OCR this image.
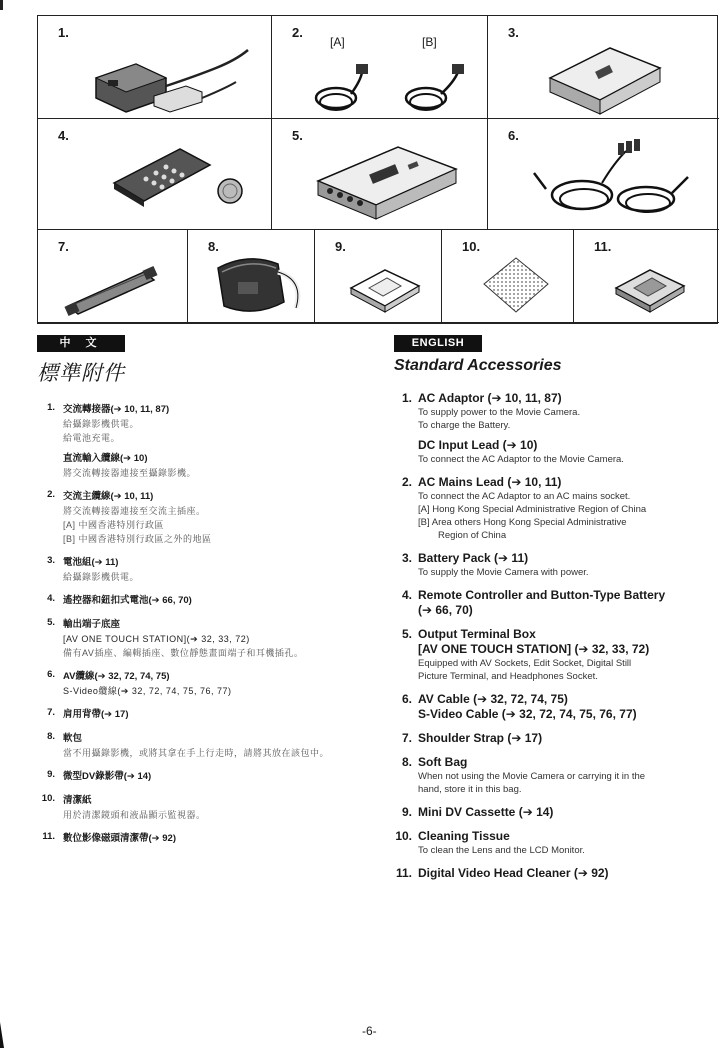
1.	2.
[A]	[B]
3.
4.	5.	6.
7.	8.	9.	10.	11.
中 文
標準附件
1. 交流轉接器(➔ 10, 11, 87)
給攝錄影機供電。
給電池充電。
直流輸入纜線(➔ 10)
將交流轉接器連接至攝錄影機。
2. 交流主纜線(➔ 10, 11)
將交流轉接器連接至交流主插座。
[A] 中國香港特別行政區
[B] 中國香港特別行政區之外的地區
3. 電池組(➔ 11)
給攝錄影機供電。
4. 遙控器和鈕扣式電池(➔ 66, 70)
5. 輸出端子底座
[AV ONE TOUCH STATION](➔ 32, 33, 72)
備有AV插座、編輯插座、數位靜態畫面端子和耳機插孔。
6. AV纜線(➔ 32, 72, 74, 75)
S-Video纜線(➔ 32, 72, 74, 75, 76, 77)
7. 肩用背帶(➔ 17)
8. 軟包
當不用攝錄影機，或將其拿在手上行走時，請將其放在該包中。
9. 微型DV錄影帶(➔ 14)
10. 清潔紙
用於清潔鏡頭和液晶顯示監視器。
11. 數位影像磁頭清潔帶(➔ 92)
ENGLISH
Standard Accessories
1. AC Adaptor (➔ 10, 11, 87)
To supply power to the Movie Camera.
To charge the Battery.
DC Input Lead (➔ 10)
To connect the AC Adaptor to the Movie Camera.
2. AC Mains Lead (➔ 10, 11)
To connect the AC Adaptor to an AC mains socket.
[A] Hong Kong Special Administrative Region of China
[B] Area others Hong Kong Special Administrative
Region of China
3. Battery Pack (➔ 11)
To supply the Movie Camera with power.
4. Remote Controller and Button-Type Battery
(➔ 66, 70)
5. Output Terminal Box
[AV ONE TOUCH STATION] (➔ 32, 33, 72)
Equipped with AV Sockets, Edit Socket, Digital Still
Picture Terminal, and Headphones Socket.
6. AV Cable (➔ 32, 72, 74, 75)
S-Video Cable (➔ 32, 72, 74, 75, 76, 77)
7. Shoulder Strap (➔ 17)
8. Soft Bag
When not using the Movie Camera or carrying it in the
hand, store it in this bag.
9. Mini DV Cassette (➔ 14)
10. Cleaning Tissue
To clean the Lens and the LCD Monitor.
11. Digital Video Head Cleaner (➔ 92)
-6-
